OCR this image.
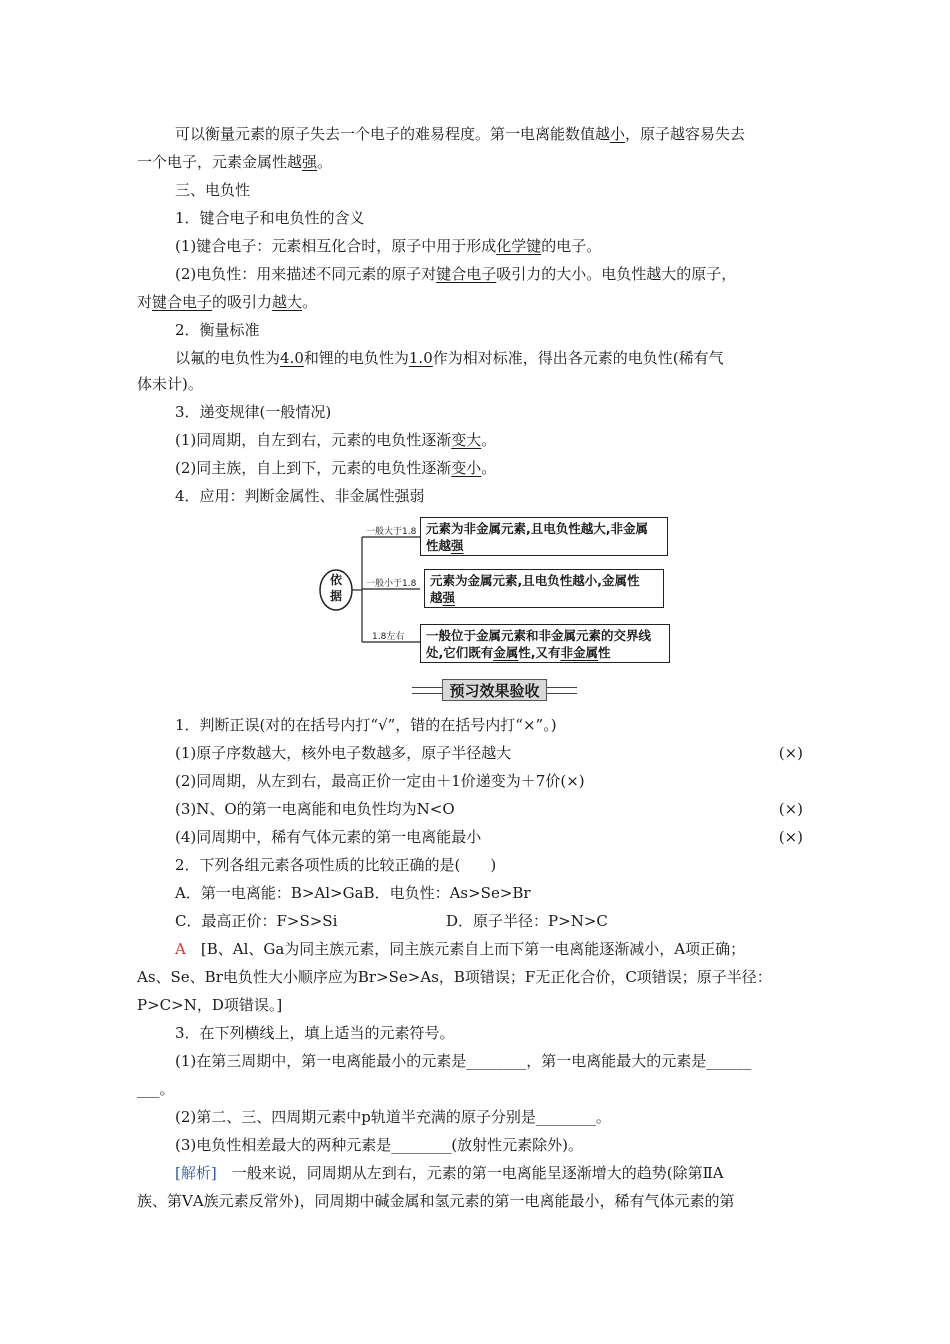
可以衡量元素的原子失去一个电子的难易程度。第一电离能数值越小，原子越容易失去
一个电子，元素金属性越强。
三、电负性
1．键合电子和电负性的含义
(1)键合电子：元素相互化合时，原子中用于形成化学键的电子。
(2)电负性：用来描述不同元素的原子对键合电子吸引力的大小。电负性越大的原子，
对键合电子的吸引力越大。
2．衡量标准
以氟的电负性为4.0和锂的电负性为1.0作为相对标准，得出各元素的电负性(稀有气
体未计)。
3．递变规律(一般情况)
(1)同周期，自左到右，元素的电负性逐渐变大。
(2)同主族，自上到下，元素的电负性逐渐变小。
4．应用：判断金属性、非金属性强弱
依据
一般大于1.8 元素为非金属元素,且电负性越大,非金属
性越强
一般小于1.8	元素为金属元素,且电负性越小,金属性
越强
1.8左右	一般位于金属元素和非金属元素的交界线
处,它们既有金属性,又有非金属性
预习效果验收
1．判断正误(对的在括号内打“√”，错的在括号内打“×”。)
(1)原子序数越大，核外电子数越多，原子半径越大	(×)
(2)同周期，从左到右，最高正价一定由＋1价递变为＋7价(×)
(3)N、O的第一电离能和电负性均为N<O	(×)
(4)同周期中，稀有气体元素的第一电离能最小	(×)
2．下列各组元素各项性质的比较正确的是(　　)
A．第一电离能：B>Al>GaB．电负性：As>Se>Br
C．最高正价：F>S>Si	D．原子半径：P>N>C
A　 [B、Al、Ga为同主族元素，同主族元素自上而下第一电离能逐渐减小，A项正确；
As、Se、Br电负性大小顺序应为Br>Se>As，B项错误；F无正化合价，C项错误；原子半径：
P>C>N，D项错误。]
3．在下列横线上，填上适当的元素符号。
(1)在第三周期中，第一电离能最小的元素是________，第一电离能最大的元素是______
___。
(2)第二、三、四周期元素中p轨道半充满的原子分别是________。
(3)电负性相差最大的两种元素是________(放射性元素除外)。
[解析]　一般来说，同周期从左到右，元素的第一电离能呈逐渐增大的趋势(除第ⅡA
族、第ⅤA族元素反常外)，同周期中碱金属和氢元素的第一电离能最小，稀有气体元素的第
